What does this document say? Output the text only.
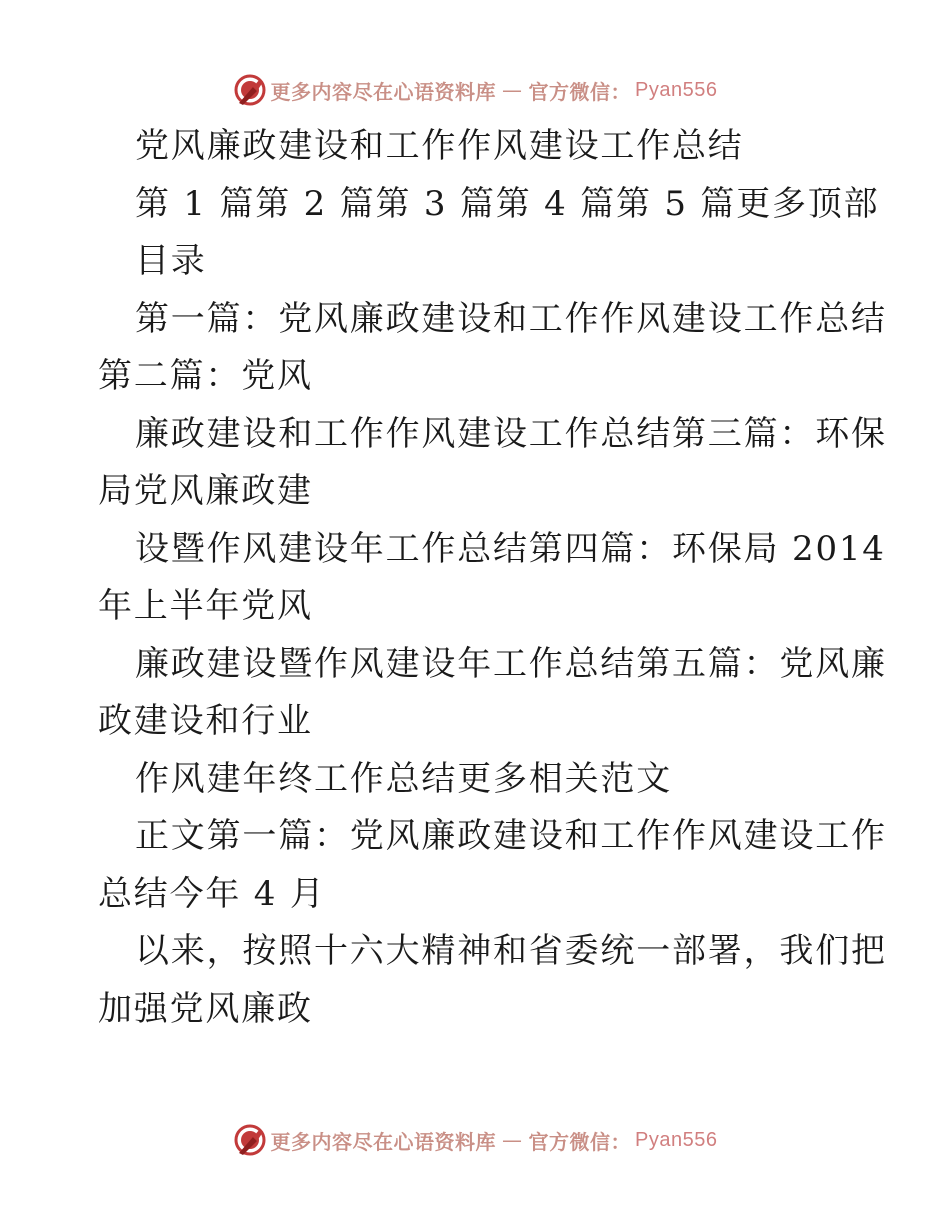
更多内容尽在心语资料库 — 官方微信： Pyan556
党风廉政建设和工作作风建设工作总结
第 1 篇第 2 篇第 3 篇第 4 篇第 5 篇更多顶部
目录
第一篇：党风廉政建设和工作作风建设工作总结
第二篇：党风
廉政建设和工作作风建设工作总结第三篇：环保
局党风廉政建
设暨作风建设年工作总结第四篇：环保局 2014
年上半年党风
廉政建设暨作风建设年工作总结第五篇：党风廉
政建设和行业
作风建年终工作总结更多相关范文
正文第一篇：党风廉政建设和工作作风建设工作
总结今年 4 月
以来，按照十六大精神和省委统一部署，我们把
加强党风廉政
更多内容尽在心语资料库 — 官方微信： Pyan556
